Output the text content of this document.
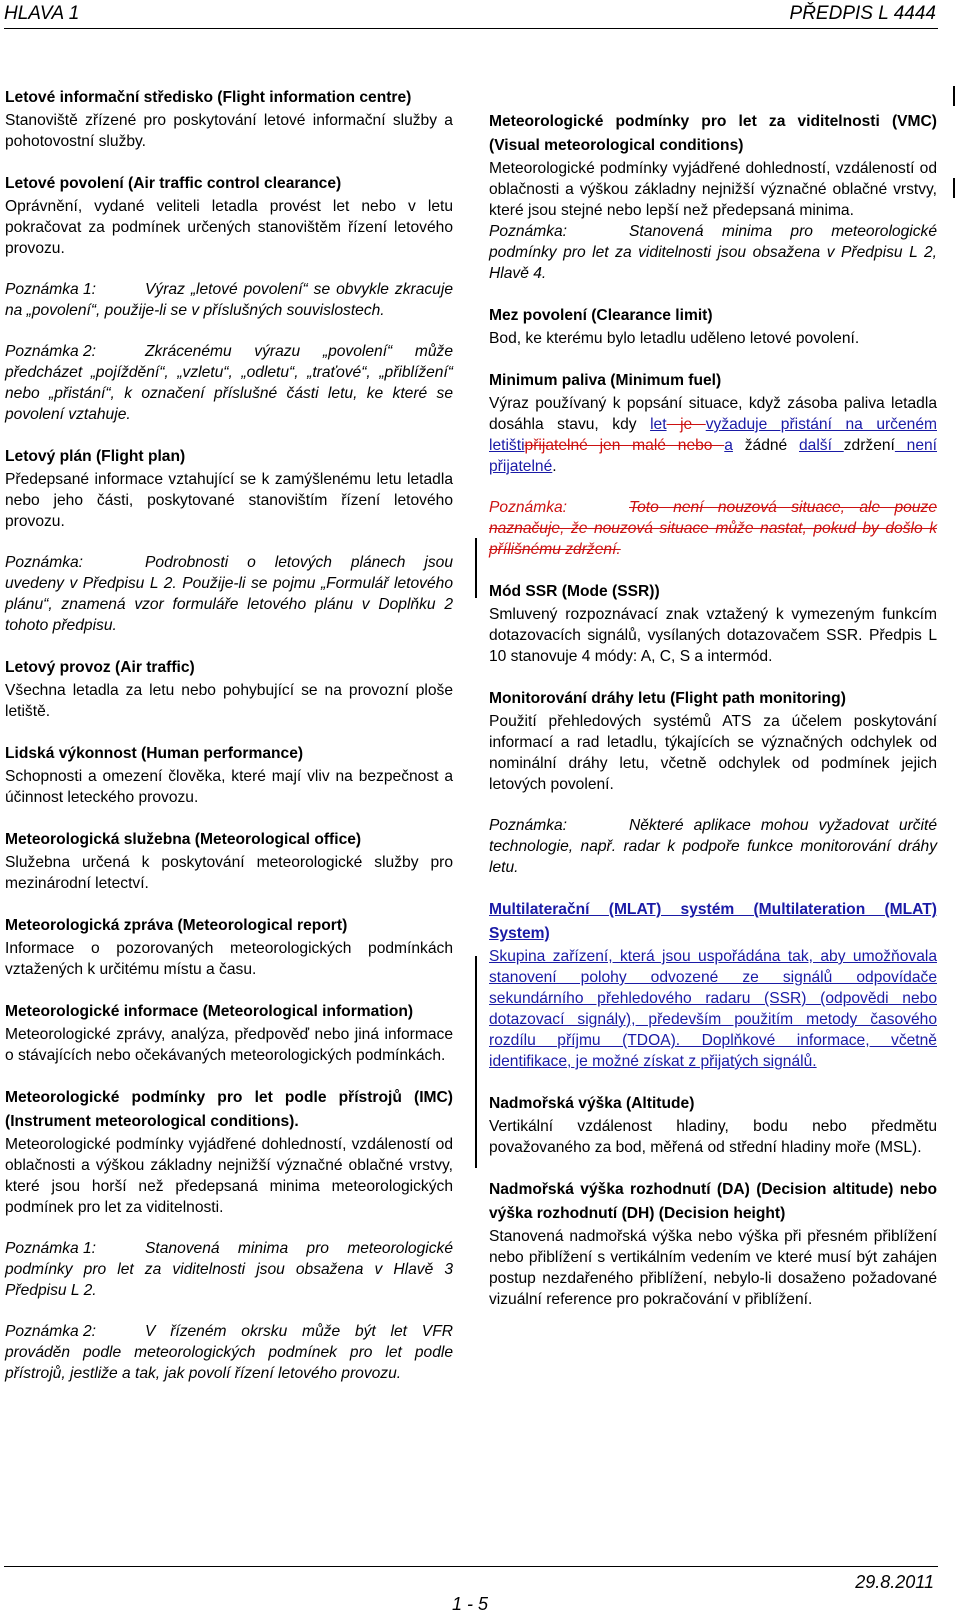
HLAVA 1	PŘEDPIS L 4444
Letové informační středisko (Flight information centre)
Stanoviště zřízené pro poskytování letové informační služby a pohotovostní služby.
Letové povolení (Air traffic control clearance)
Oprávnění, vydané veliteli letadla provést let nebo v letu pokračovat za podmínek určených stanovištěm řízení letového provozu.
Poznámka 1:	Výraz „letové povolení“ se obvykle zkracuje na „povolení“, použije-li se v příslušných souvislostech.
Poznámka 2:	Zkrácenému výrazu „povolení“ může předcházet „pojíždění“, „vzletu“, „odletu“, „traťové“, „přiblížení“ nebo „přistání“, k označení příslušné části letu, ke které se povolení vztahuje.
Letový plán (Flight plan)
Předepsané informace vztahující se k zamýšlenému letu letadla nebo jeho části, poskytované stanovištím řízení letového provozu.
Poznámka:	Podrobnosti o letových plánech jsou uvedeny v Předpisu L 2. Použije-li se pojmu „Formulář letového plánu“, znamená vzor formuláře letového plánu v Doplňku 2 tohoto předpisu.
Letový provoz (Air traffic)
Všechna letadla za letu nebo pohybující se na provozní ploše letiště.
Lidská výkonnost (Human performance)
Schopnosti a omezení člověka, které mají vliv na bezpečnost a účinnost leteckého provozu.
Meteorologická služebna (Meteorological office)
Služebna určená k poskytování meteorologické služby pro mezinárodní letectví.
Meteorologická zpráva (Meteorological report)
Informace o pozorovaných meteorologických podmínkách vztažených k určitému místu a času.
Meteorologické informace (Meteorological information)
Meteorologické zprávy, analýza, předpověď nebo jiná informace o stávajících nebo očekávaných meteorologických podmínkách.
Meteorologické podmínky pro let podle přístrojů (IMC) (Instrument meteorological conditions).
Meteorologické podmínky vyjádřené dohledností, vzdáleností od oblačnosti a výškou základny nejnižší význačné oblačné vrstvy, které jsou horší než předepsaná minima meteorologických podmínek pro let za viditelnosti.
Poznámka 1:	Stanovená minima pro meteorologické podmínky pro let za viditelnosti jsou obsažena v Hlavě 3 Předpisu L 2.
Poznámka 2:	V řízeném okrsku může být let VFR prováděn podle meteorologických podmínek pro let podle přístrojů, jestliže a tak, jak povolí řízení letového provozu.
Meteorologické podmínky pro let za viditelnosti (VMC) (Visual meteorological conditions)
Meteorologické podmínky vyjádřené dohledností, vzdáleností od oblačnosti a výškou základny nejnižší význačné oblačné vrstvy, které jsou stejné nebo lepší než předepsaná minima.
Poznámka:	Stanovená minima pro meteorologické podmínky pro let za viditelnosti jsou obsažena v Předpisu L 2, Hlavě 4.
Mez povolení (Clearance limit)
Bod, ke kterému bylo letadlu uděleno letové povolení.
Minimum paliva (Minimum fuel)
Výraz používaný k popsání situace, když zásoba paliva letadla dosáhla stavu, kdy let je vyžaduje přistání na určeném letištipřijatelné jen malé nebo a žádné další zdržení není přijatelné.
Poznámka:	Toto není nouzová situace, ale pouze naznačuje, že nouzová situace může nastat, pokud by došlo k přílišnému zdržení.
Mód SSR (Mode (SSR))
Smluvený rozpoznávací znak vztažený k vymezeným funkcím dotazovacích signálů, vysílaných dotazovačem SSR. Předpis L 10 stanovuje 4 módy: A, C, S a intermód.
Monitorování dráhy letu (Flight path monitoring)
Použití přehledových systémů ATS za účelem poskytování informací a rad letadlu, týkajících se význačných odchylek od nominální dráhy letu, včetně odchylek od podmínek jejich letových povolení.
Poznámka:	Některé aplikace mohou vyžadovat určité technologie, např. radar k podpoře funkce monitorování dráhy letu.
Multilaterační (MLAT) systém (Multilateration (MLAT) System)
Skupina zařízení, která jsou uspořádána tak, aby umožňovala stanovení polohy odvozené ze signálů odpovídače sekundárního přehledového radaru (SSR) (odpovědi nebo dotazovací signály), především použitím metody časového rozdílu příjmu (TDOA). Doplňkové informace, včetně identifikace, je možné získat z přijatých signálů.
Nadmořská výška (Altitude)
Vertikální vzdálenost hladiny, bodu nebo předmětu považovaného za bod, měřená od střední hladiny moře (MSL).
Nadmořská výška rozhodnutí (DA) (Decision altitude) nebo výška rozhodnutí (DH) (Decision height)
Stanovená nadmořská výška nebo výška při přesném přiblížení nebo přiblížení s vertikálním vedením ve které musí být zahájen postup nezdařeného přiblížení, nebylo-li dosaženo požadované vizuální reference pro pokračování v přiblížení.
29.8.2011
1 - 5
